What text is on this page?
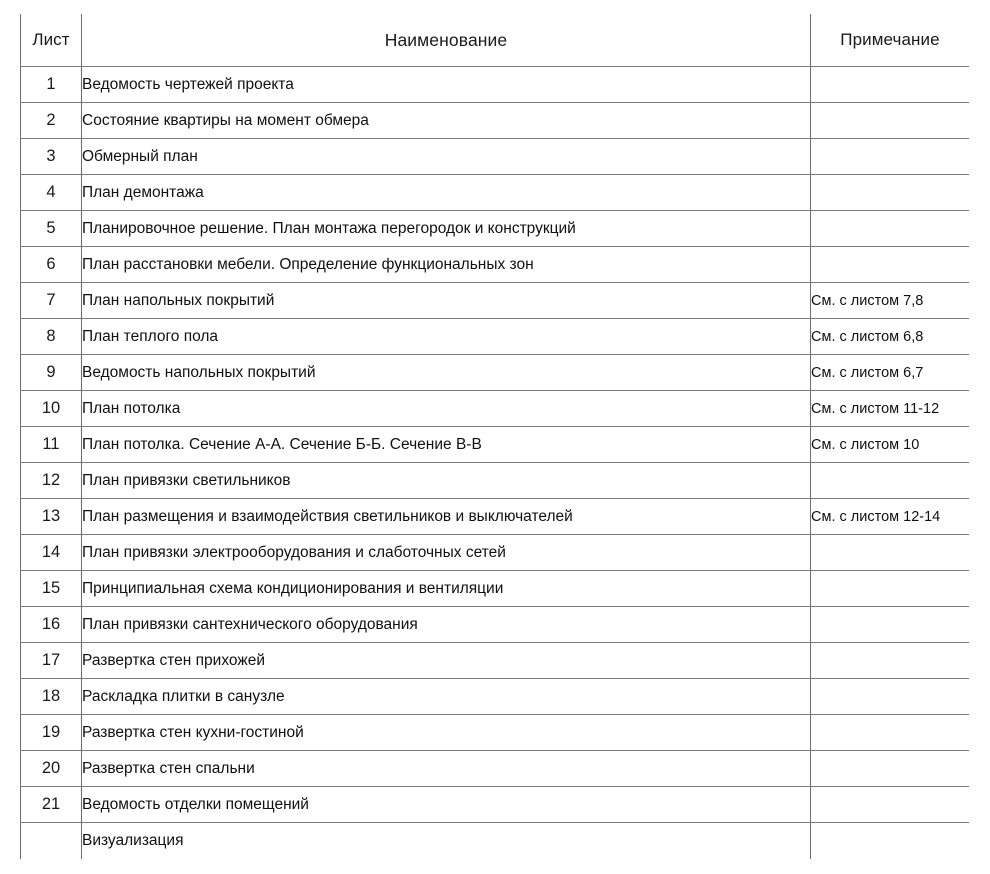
Лист	Наименование	Примечание
1	Ведомость чертежей проекта	
2	Состояние квартиры на момент обмера	
3	Обмерный план	
4	План демонтажа	
5	Планировочное решение. План монтажа перегородок и конструкций	
6	План расстановки мебели. Определение функциональных зон	
7	План напольных покрытий	См. с листом 7,8
8	План теплого пола	См. с листом 6,8
9	Ведомость напольных покрытий	См. с листом 6,7
10	План потолка	См. с листом 11-12
11	План потолка. Сечение А-А. Сечение Б-Б. Сечение В-В	См. с листом 10
12	План привязки светильников	
13	План размещения и взаимодействия светильников и выключателей	См. с листом 12-14
14	План привязки электрооборудования и слаботочных сетей	
15	Принципиальная схема кондиционирования и вентиляции	
16	План привязки сантехнического оборудования	
17	Развертка стен прихожей	
18	Раскладка плитки в санузле	
19	Развертка стен кухни-гостиной	
20	Развертка стен спальни	
21	Ведомость отделки помещений	
	Визуализация	
